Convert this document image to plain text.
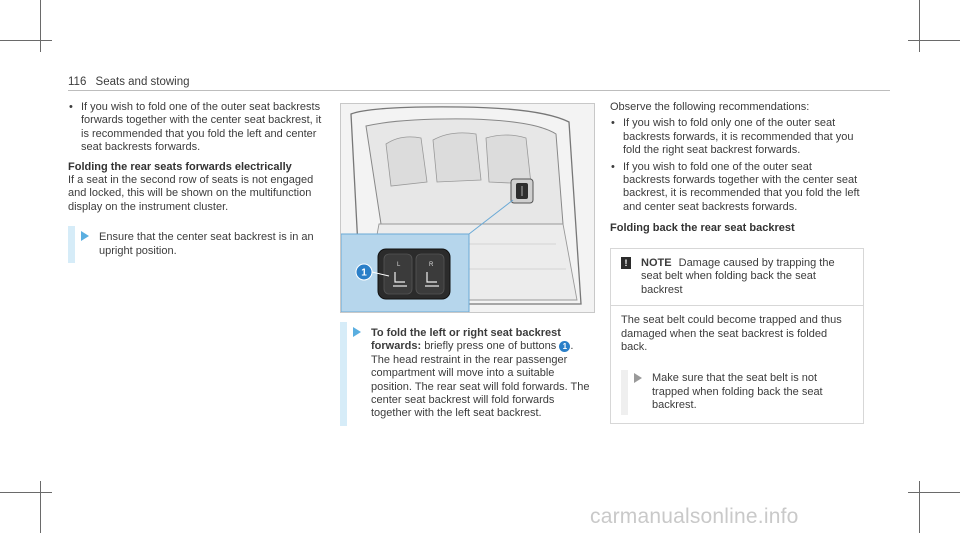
116 Seats and stowing

• If you wish to fold one of the outer seat backrests forwards together with the center seat backrest, it is recommended that you fold the left and center seat backrests forwards.

Folding the rear seats forwards electrically

If a seat in the second row of seats is not engaged and locked, this will be shown on the multifunction display on the instrument cluster.

Ensure that the center seat backrest is in an upright position.
L	R
1
To fold the left or right seat backrest forwards: briefly press one of buttons 1 .
The head restraint in the rear passenger compartment will move into a suitable position. The rear seat will fold forwards. The center seat backrest will fold forwards together with the left seat backrest.

Observe the following recommendations:

• If you wish to fold only one of the outer seat backrests forwards, it is recommended that you fold the right seat backrest forwards.

• If you wish to fold one of the outer seat backrests forwards together with the center seat backrest, it is recommended that you fold the left and center seat backrests forwards.

Folding back the rear seat backrest

!	NOTE Damage caused by trapping the seat belt when folding back the seat backrest
The seat belt could become trapped and thus damaged when the seat backrest is folded back.
Make sure that the seat belt is not trapped when folding back the seat backrest.
carmanualsonline.info
